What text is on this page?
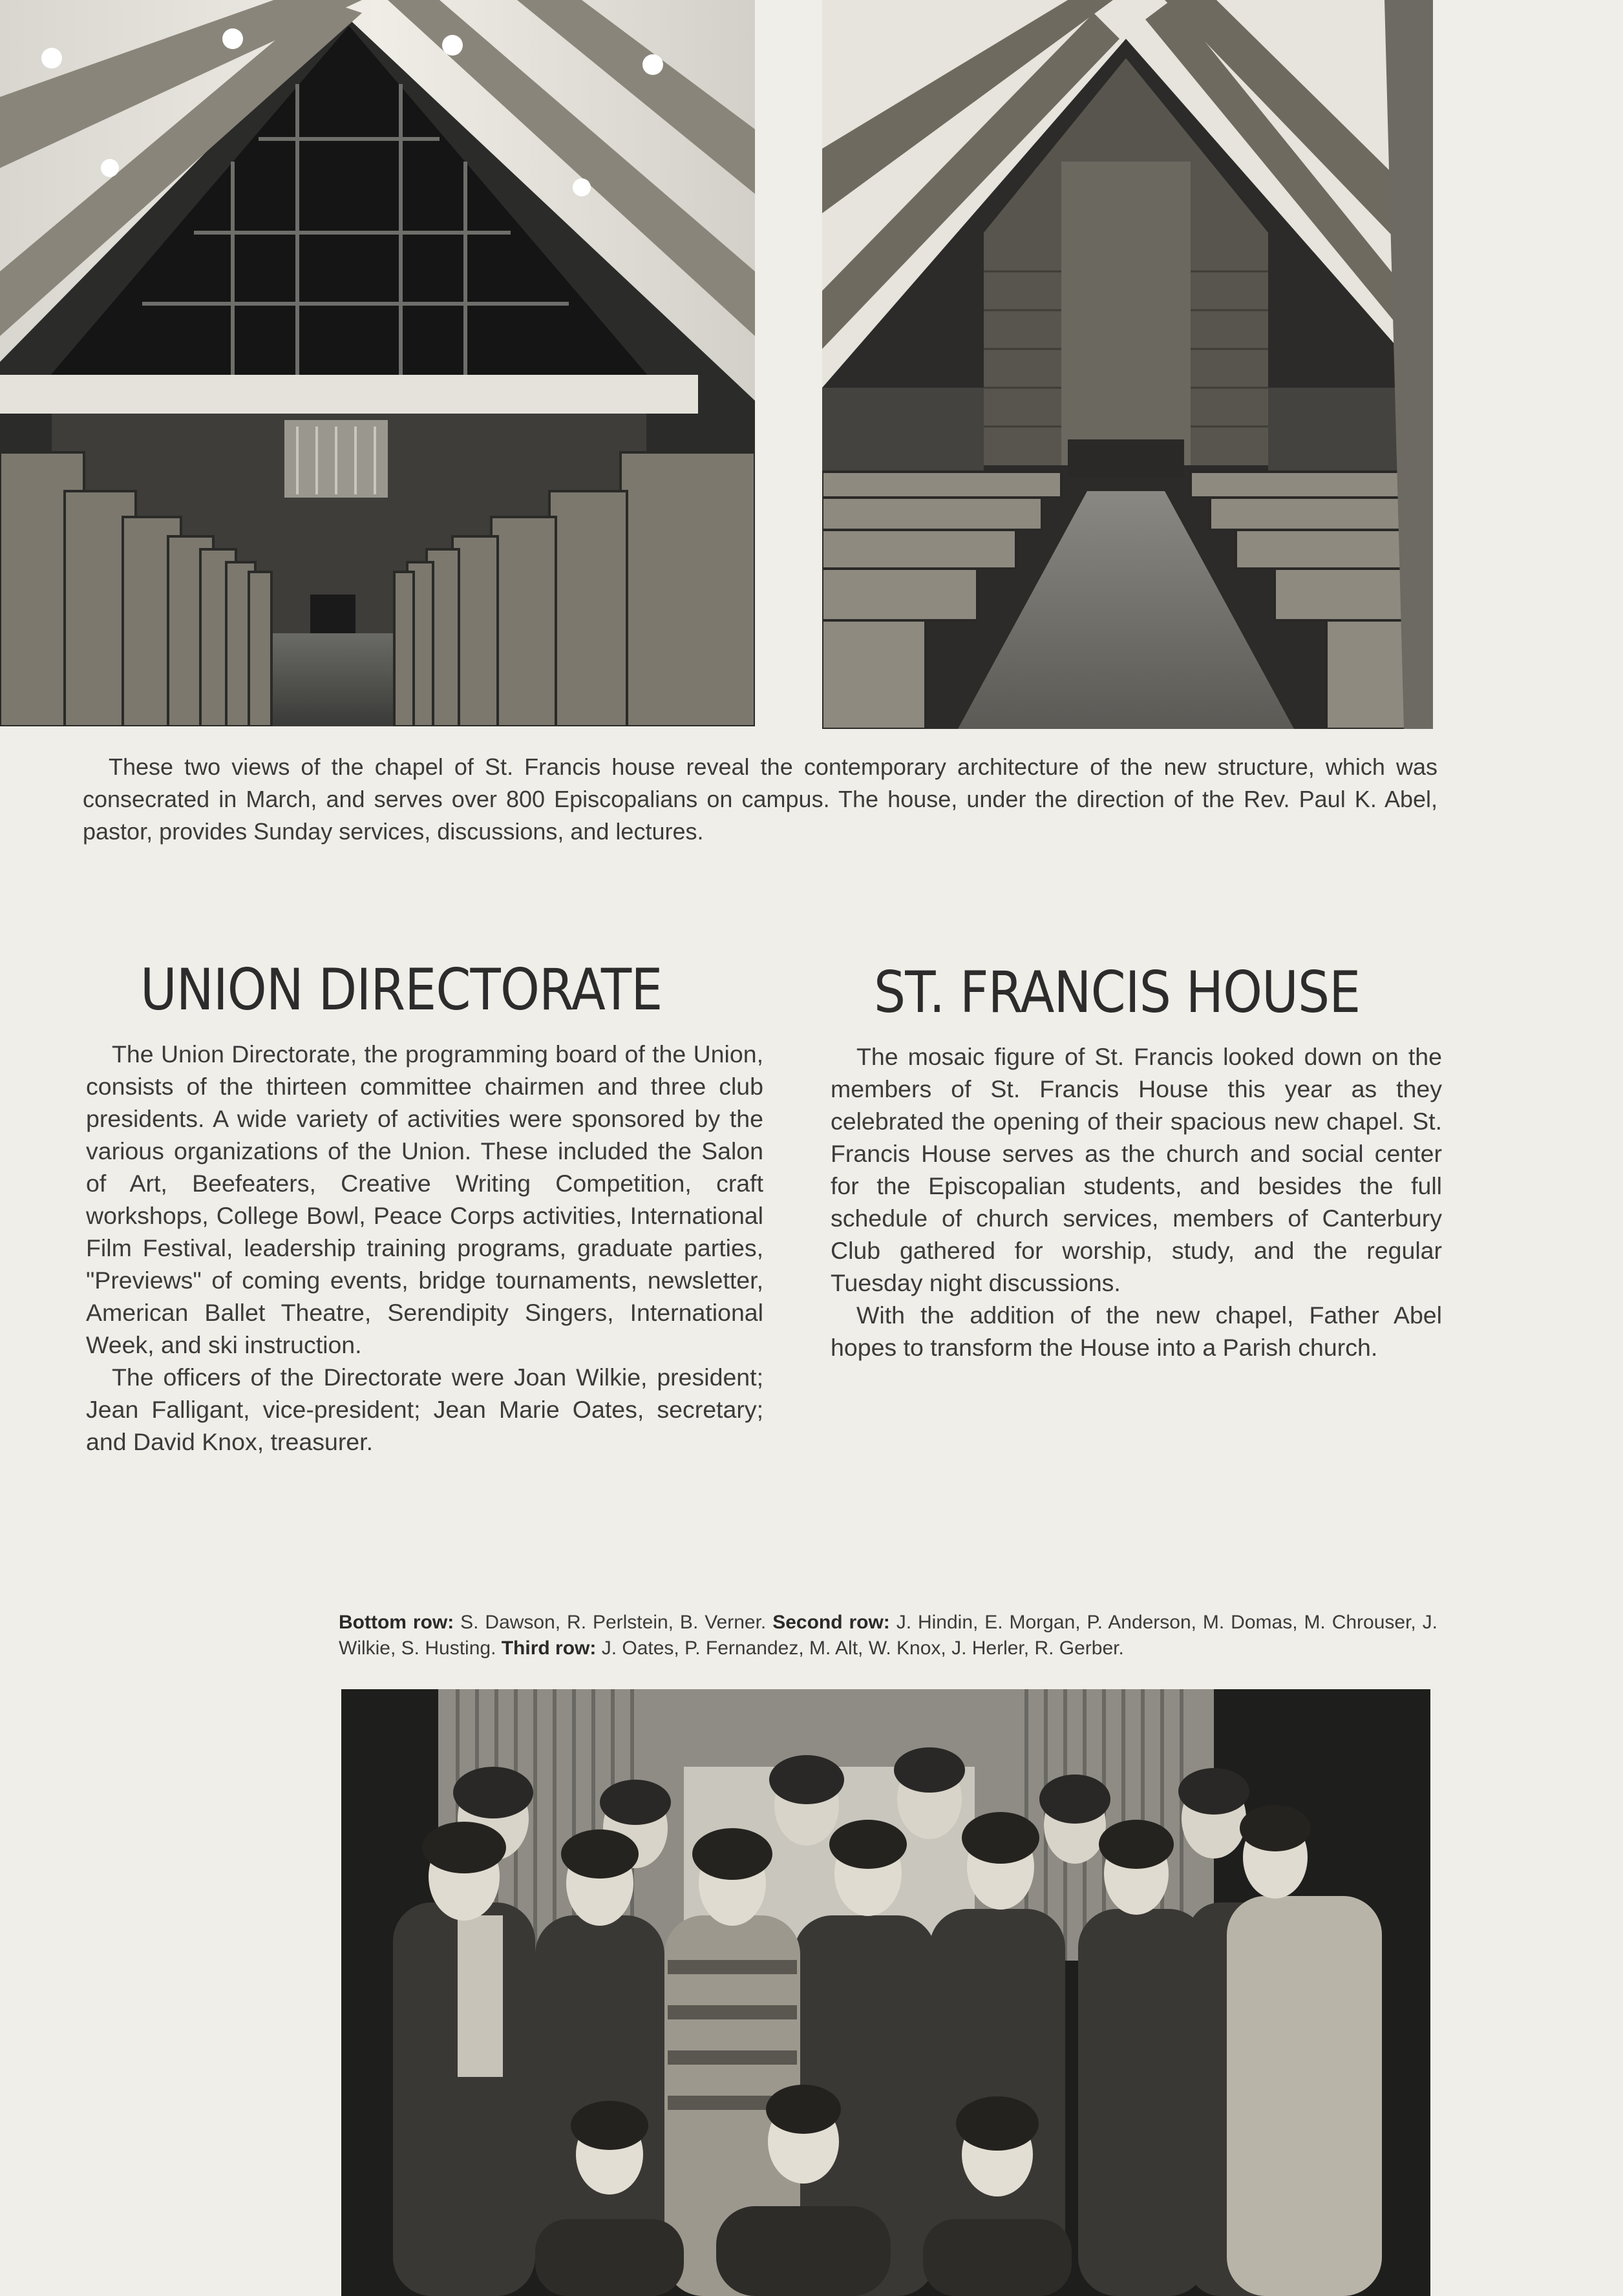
These two views of the chapel of St. Francis house reveal the contemporary architecture of the new structure, which was consecrated in March, and serves over 800 Episcopalians on campus. The house, under the direction of the Rev. Paul K. Abel, pastor, provides Sunday services, discussions, and lectures.

UNION DIRECTORATE

The Union Directorate, the programming board of the Union, consists of the thirteen committee chairmen and three club presidents. A wide variety of activities were sponsored by the various organizations of the Union. These included the Salon of Art, Beefeaters, Creative Writing Competition, craft workshops, College Bowl, Peace Corps activities, International Film Festival, leadership training programs, graduate parties, "Previews" of coming events, bridge tournaments, newsletter, American Ballet Theatre, Serendipity Singers, International Week, and ski instruction.

The officers of the Directorate were Joan Wilkie, president; Jean Falligant, vice-president; Jean Marie Oates, secretary; and David Knox, treasurer.

ST. FRANCIS HOUSE

The mosaic figure of St. Francis looked down on the members of St. Francis House this year as they celebrated the opening of their spacious new chapel. St. Francis House serves as the church and social center for the Episcopalian students, and besides the full schedule of church services, members of Canterbury Club gathered for worship, study, and the regular Tuesday night discussions.

With the addition of the new chapel, Father Abel hopes to transform the House into a Parish church.

Bottom row: S. Dawson, R. Perlstein, B. Verner. Second row: J. Hindin, E. Morgan, P. Anderson, M. Domas, M. Chrouser, J. Wilkie, S. Husting. Third row: J. Oates, P. Fernandez, M. Alt, W. Knox, J. Herler, R. Gerber.
